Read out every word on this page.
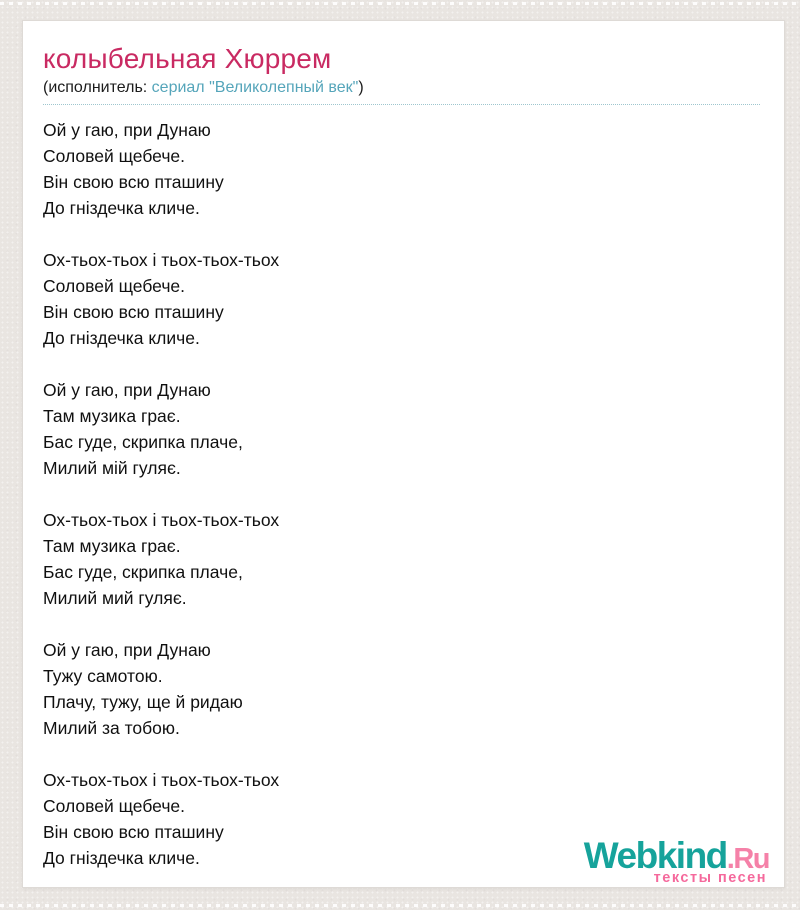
колыбельная Хюррем
(исполнитель: сериал "Великолепный век")
Ой у гаю, при Дунаю
Соловей щебече.
Він свою всю пташину
До гніздечка кличе.
Ох-тьох-тьох і тьох-тьох-тьох
Соловей щебече.
Він свою всю пташину
До гніздечка кличе.
Ой у гаю, при Дунаю
Там музика грає.
Бас гуде, скрипка плаче,
Милий мій гуляє.
Ох-тьох-тьох і тьох-тьох-тьох
Там музика грає.
Бас гуде, скрипка плаче,
Милий мий гуляє.
Ой у гаю, при Дунаю
Тужу самотою.
Плачу, тужу, ще й ридаю
Милий за тобою.
Ох-тьох-тьох і тьох-тьох-тьох
Соловей щебече.
Він свою всю пташину
До гніздечка кличе.	Webkind.Ru
тексты песен
